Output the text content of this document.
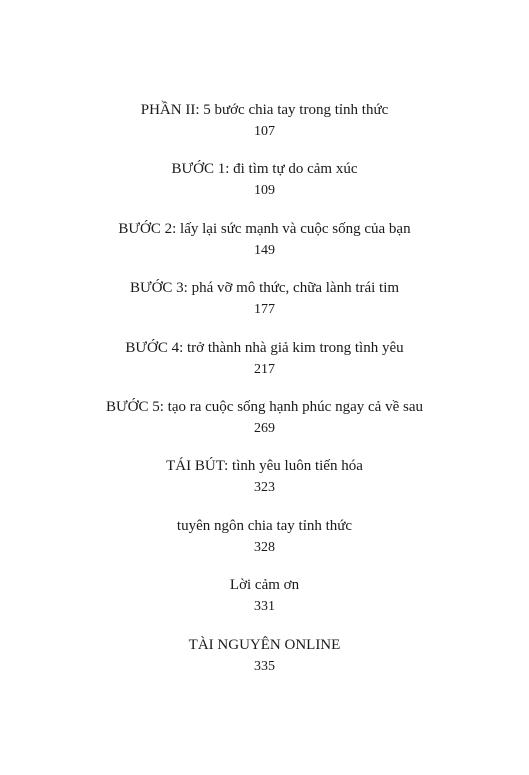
PHẦN II: 5 bước chia tay trong tỉnh thức
107
BƯỚC 1: đi tìm tự do cảm xúc
109
BƯỚC 2: lấy lại sức mạnh và cuộc sống của bạn
149
BƯỚC 3: phá vỡ mô thức, chữa lành trái tim
177
BƯỚC 4: trở thành nhà giả kim trong tình yêu
217
BƯỚC 5: tạo ra cuộc sống hạnh phúc ngay cả về sau
269
TÁI BÚT: tình yêu luôn tiến hóa
323
tuyên ngôn chia tay tỉnh thức
328
Lời cảm ơn
331
TÀI NGUYÊN ONLINE
335
